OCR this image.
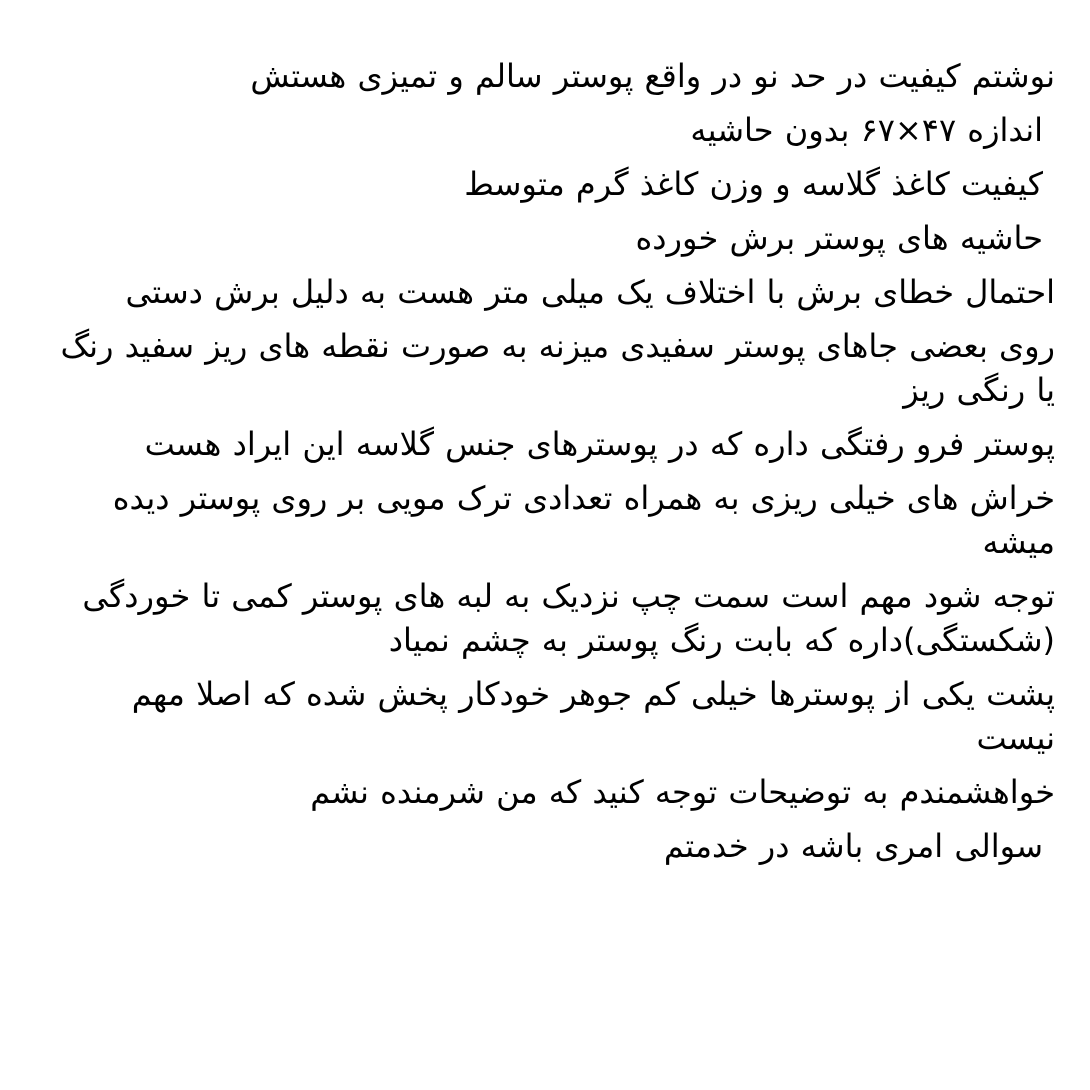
نوشتم کیفیت در حد نو در واقع پوستر سالم و تمیزی هستش

اندازه ۴۷×۶۷ بدون حاشیه

کیفیت کاغذ گلاسه و وزن کاغذ گرم متوسط

حاشیه های پوستر برش خورده

احتمال خطای برش با اختلاف یک میلی متر هست به دلیل برش دستی

روی بعضی جاهای پوستر سفیدی میزنه به صورت نقطه های ریز سفید رنگ یا رنگی ریز

پوستر فرو رفتگی داره که در پوسترهای جنس گلاسه این ایراد هست

خراش های خیلی ریزی به همراه تعدادی ترک مویی بر روی پوستر دیده میشه

توجه شود مهم است سمت چپ نزدیک به لبه های پوستر کمی تا خوردگی (شکستگی)داره که بابت رنگ پوستر به چشم نمیاد

پشت یکی از پوسترها خیلی کم جوهر خودکار پخش شده که اصلا مهم نیست

خواهشمندم به توضیحات توجه کنید که من شرمنده نشم

سوالی امری باشه در خدمتم
